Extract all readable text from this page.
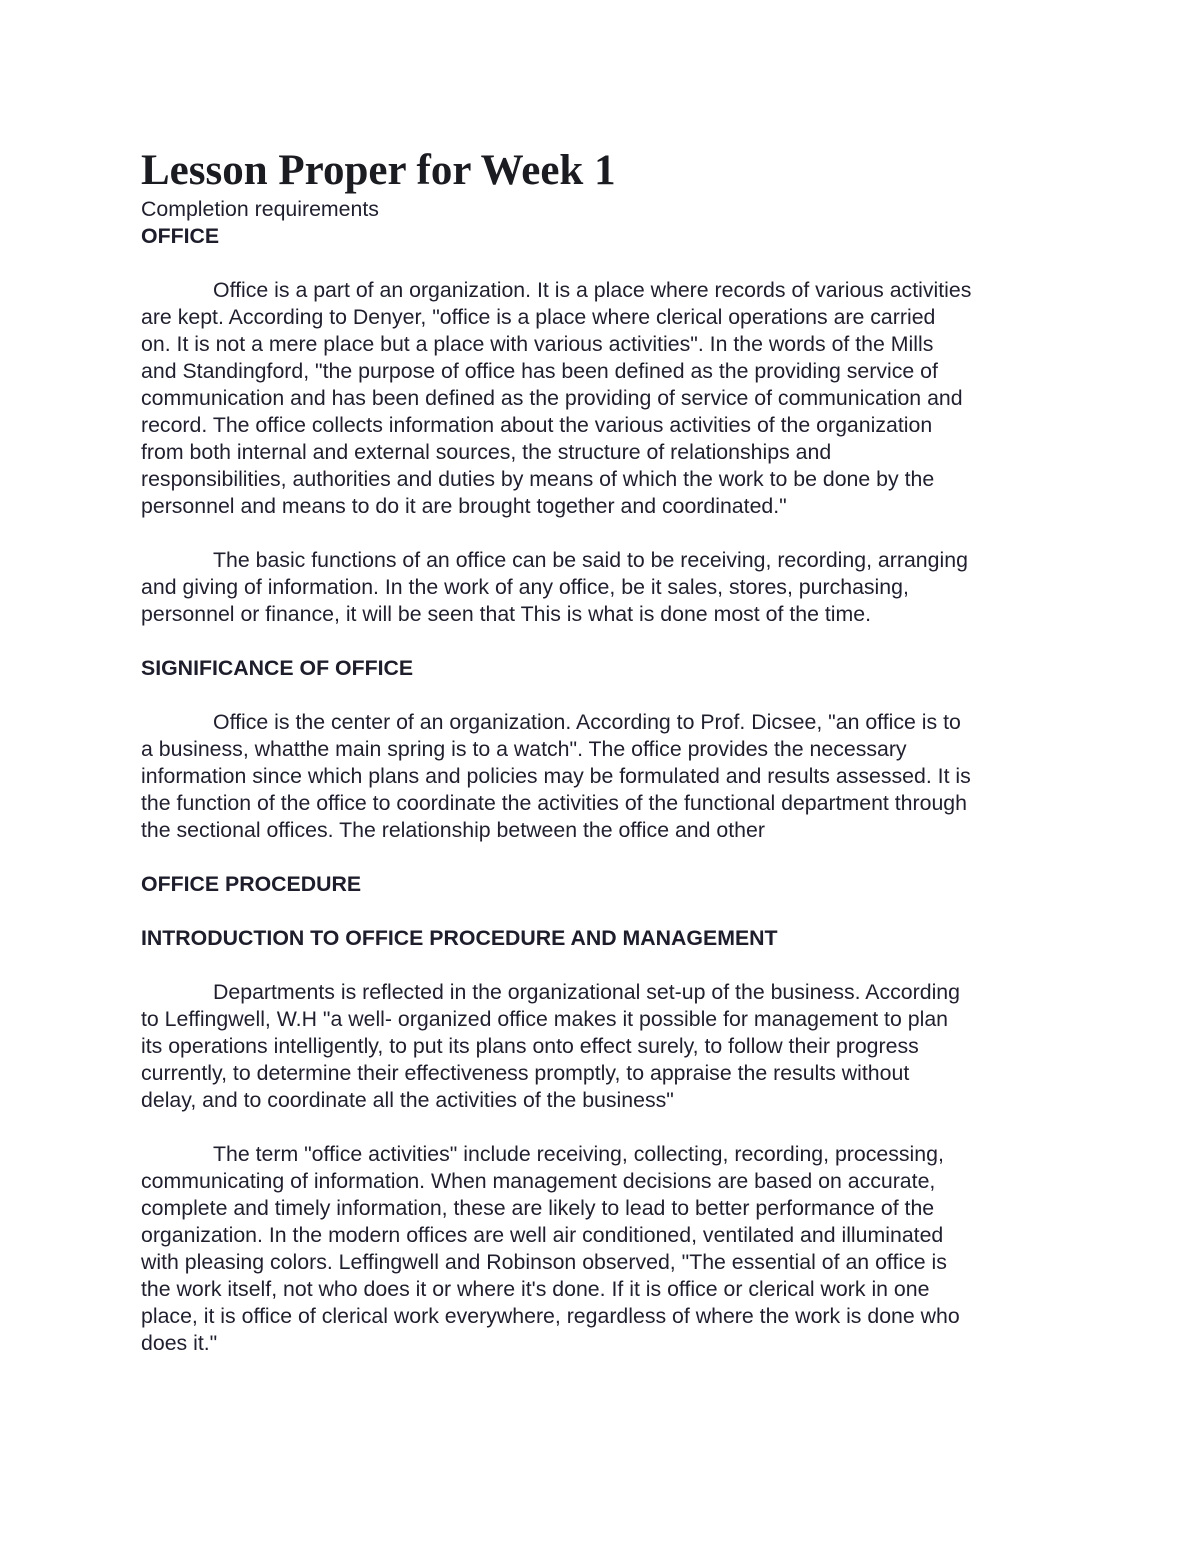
Lesson Proper for Week 1
Completion requirements
OFFICE
Office is a part of an organization. It is a place where records of various activities
are kept. According to Denyer, "office is a place where clerical operations are carried
on. It is not a mere place but a place with various activities". In the words of the Mills
and Standingford, "the purpose of office has been defined as the providing service of
communication and has been defined as the providing of service of communication and
record. The office collects information about the various activities of the organization
from both internal and external sources, the structure of relationships and
responsibilities, authorities and duties by means of which the work to be done by the
personnel and means to do it are brought together and coordinated."
The basic functions of an office can be said to be receiving, recording, arranging
and giving of information. In the work of any office, be it sales, stores, purchasing,
personnel or finance, it will be seen that This is what is done most of the time.
SIGNIFICANCE OF OFFICE
Office is the center of an organization. According to Prof. Dicsee, "an office is to
a business, whatthe main spring is to a watch". The office provides the necessary
information since which plans and policies may be formulated and results assessed. It is
the function of the office to coordinate the activities of the functional department through
the sectional offices. The relationship between the office and other
OFFICE PROCEDURE
INTRODUCTION TO OFFICE PROCEDURE AND MANAGEMENT
Departments is reflected in the organizational set-up of the business. According
to Leffingwell, W.H "a well- organized office makes it possible for management to plan
its operations intelligently, to put its plans onto effect surely, to follow their progress
currently, to determine their effectiveness promptly, to appraise the results without
delay, and to coordinate all the activities of the business"
The term "office activities" include receiving, collecting, recording, processing,
communicating of information. When management decisions are based on accurate,
complete and timely information, these are likely to lead to better performance of the
organization. In the modern offices are well air conditioned, ventilated and illuminated
with pleasing colors. Leffingwell and Robinson observed, "The essential of an office is
the work itself, not who does it or where it's done. If it is office or clerical work in one
place, it is office of clerical work everywhere, regardless of where the work is done who
does it."
